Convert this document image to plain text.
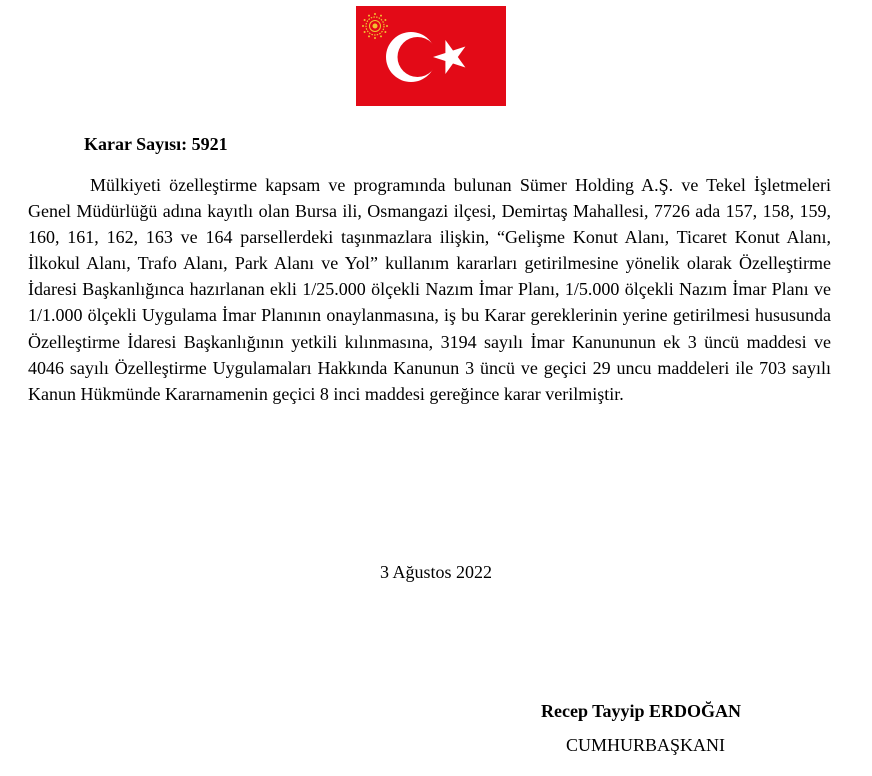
Karar Sayısı: 5921

Mülkiyeti özelleştirme kapsam ve programında bulunan Sümer Holding A.Ş. ve Tekel İşletmeleri Genel Müdürlüğü adına kayıtlı olan Bursa ili, Osmangazi ilçesi, Demirtaş Mahallesi, 7726 ada 157, 158, 159, 160, 161, 162, 163 ve 164 parsellerdeki taşınmazlara ilişkin, “Gelişme Konut Alanı, Ticaret Konut Alanı, İlkokul Alanı, Trafo Alanı, Park Alanı ve Yol” kullanım kararları getirilmesine yönelik olarak Özelleştirme İdaresi Başkanlığınca hazırlanan ekli 1/25.000 ölçekli Nazım İmar Planı, 1/5.000 ölçekli Nazım İmar Planı ve 1/1.000 ölçekli Uygulama İmar Planının onaylanmasına, iş bu Karar gereklerinin yerine getirilmesi hususunda Özelleştirme İdaresi Başkanlığının yetkili kılınmasına, 3194 sayılı İmar Kanununun ek 3 üncü maddesi ve 4046 sayılı Özelleştirme Uygulamaları Hakkında Kanunun 3 üncü ve geçici 29 uncu maddeleri ile 703 sayılı Kanun Hükmünde Kararnamenin geçici 8 inci maddesi gereğince karar verilmiştir.

3 Ağustos 2022
Recep Tayyip ERDOĞAN
CUMHURBAŞKANI
